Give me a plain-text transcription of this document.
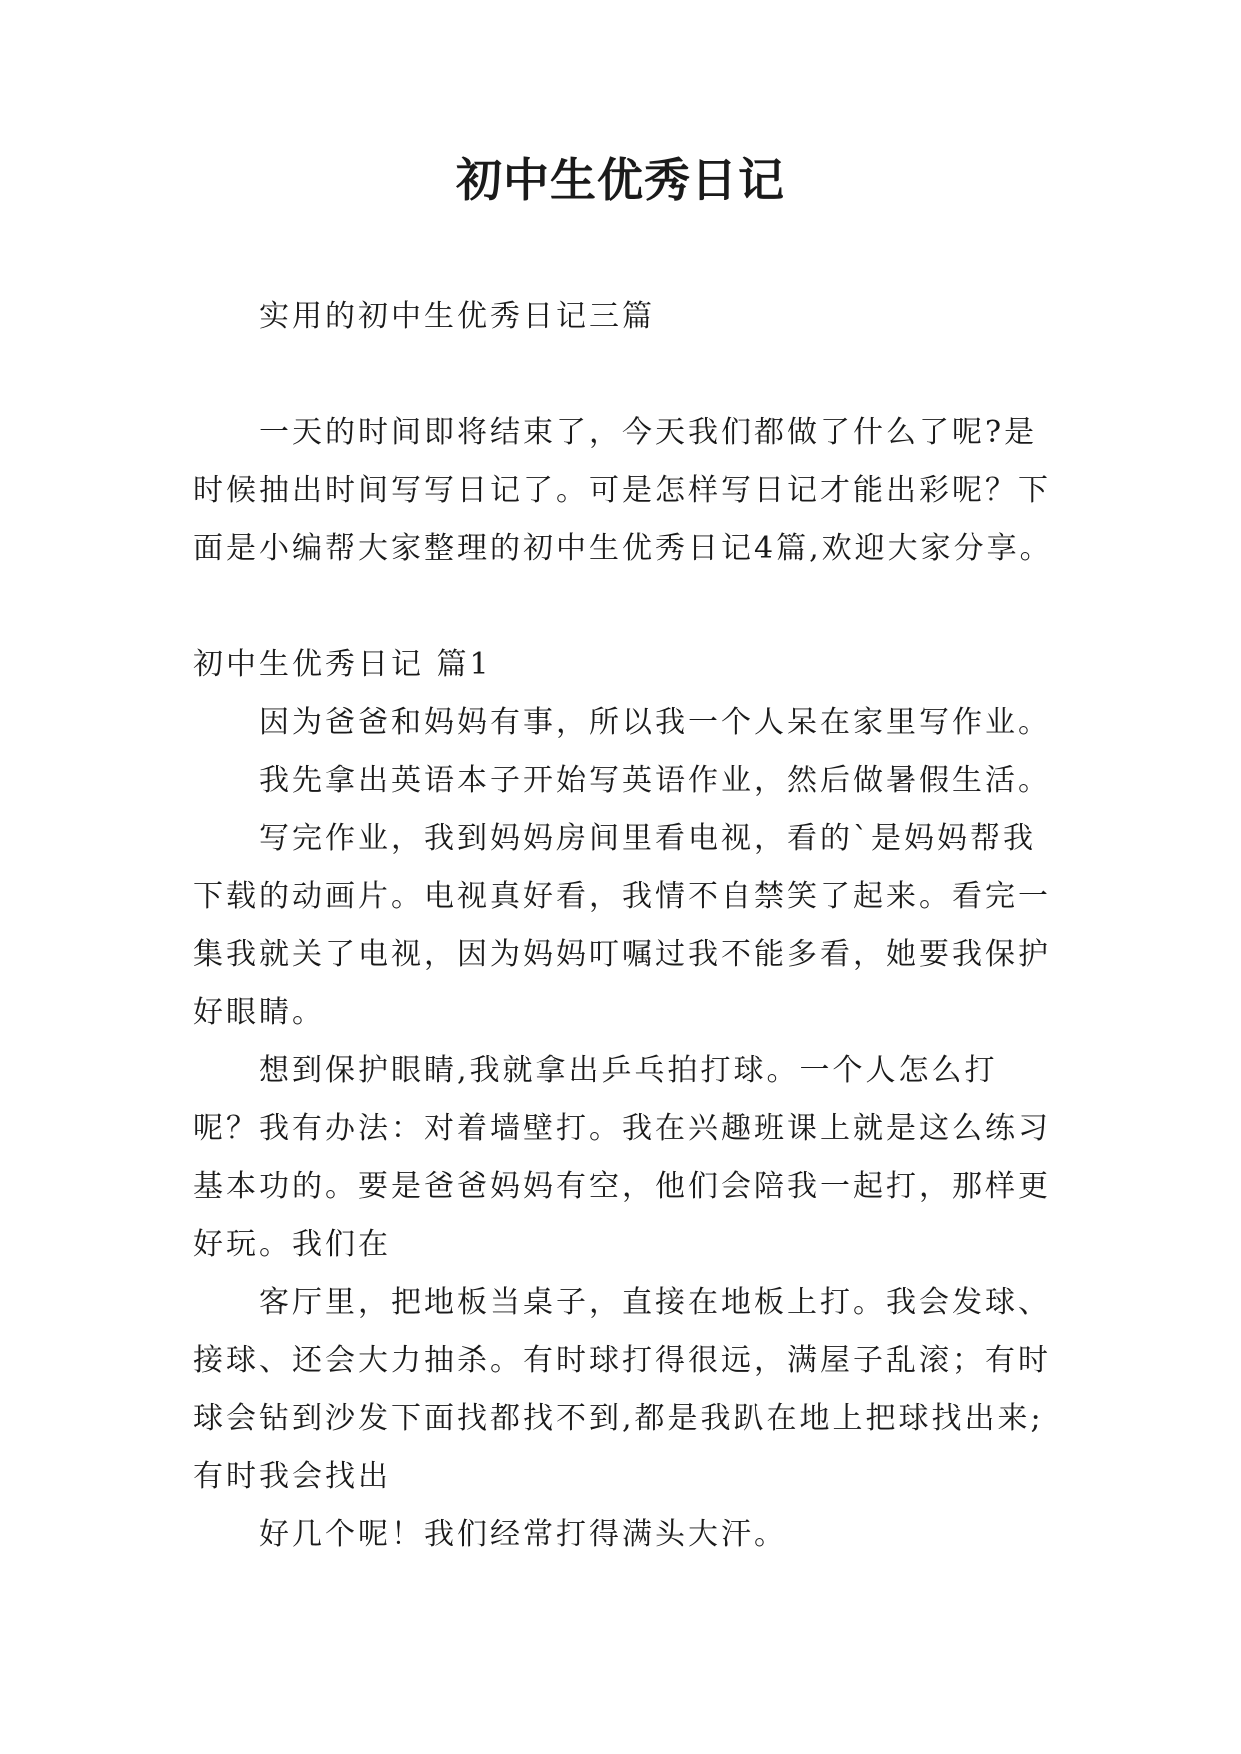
初中生优秀日记

实用的初中生优秀日记三篇

一天的时间即将结束了，今天我们都做了什么了呢?是时候抽出时间写写日记了。可是怎样写日记才能出彩呢？下面是小编帮大家整理的初中生优秀日记4篇,欢迎大家分享。

初中生优秀日记 篇1

因为爸爸和妈妈有事，所以我一个人呆在家里写作业。

我先拿出英语本子开始写英语作业，然后做暑假生活。

写完作业，我到妈妈房间里看电视，看的`是妈妈帮我下载的动画片。电视真好看，我情不自禁笑了起来。看完一集我就关了电视，因为妈妈叮嘱过我不能多看，她要我保护好眼睛。

想到保护眼睛,我就拿出乒乓拍打球。一个人怎么打呢？我有办法：对着墙壁打。我在兴趣班课上就是这么练习基本功的。要是爸爸妈妈有空，他们会陪我一起打，那样更好玩。我们在

客厅里，把地板当桌子，直接在地板上打。我会发球、接球、还会大力抽杀。有时球打得很远，满屋子乱滚；有时球会钻到沙发下面找都找不到,都是我趴在地上把球找出来;有时我会找出

好几个呢！我们经常打得满头大汗。
